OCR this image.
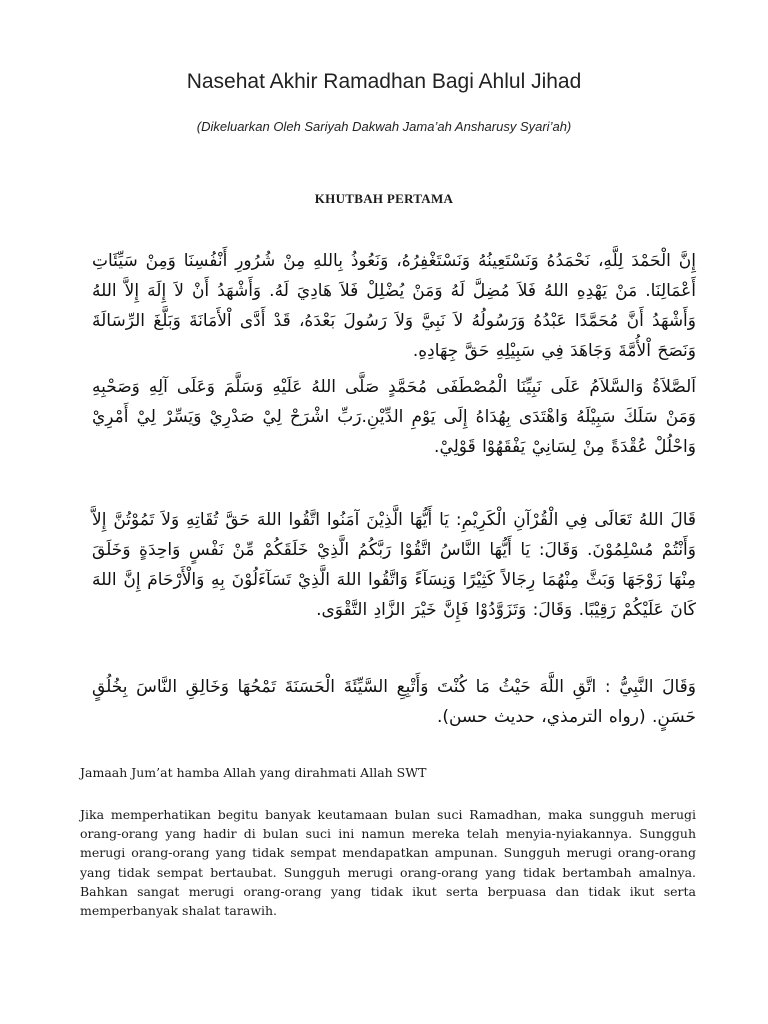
Nasehat Akhir Ramadhan Bagi Ahlul Jihad
(Dikeluarkan Oleh Sariyah Dakwah Jama’ah Ansharusy Syari’ah)
KHUTBAH PERTAMA
إِنَّ الْحَمْدَ لِلَّهِ، نَحْمَدُهُ وَنَسْتَعِينُهُ وَنَسْتَغْفِرُهُ، وَنَعُوذُ بِاللهِ مِنْ شُرُورِ أَنْفُسِنَا وَمِنْ سَيِّئَاتِ أَعْمَالِنَا. مَنْ يَهْدِهِ اللهُ فَلاَ مُضِلَّ لَهُ وَمَنْ يُضْلِلْ فَلاَ هَادِيَ لَهُ. وَأَشْهَدُ أَنْ لاَ إِلَهَ إِلاَّ اللهُ وَأَشْهَدُ أَنَّ مُحَمَّدًا عَبْدُهُ وَرَسُولُهُ لاَ نَبِيَّ وَلاَ رَسُولَ بَعْدَهُ، قَدْ أَدَّى اْلأَمَانَةَ وَبَلَّغَ الرِّسَالَةَ وَنَصَحَ اْلأُمَّةَ وَجَاهَدَ فِي سَبِيْلِهِ حَقَّ جِهَادِهِ.
اَلصَّلاَةُ وَالسَّلاَمُ عَلَى نَبِيِّنَا الْمُصْطَفَى مُحَمَّدٍ صَلَّى اللهُ عَلَيْهِ وَسَلَّمَ وَعَلَى آلِهِ وَصَحْبِهِ وَمَنْ سَلَكَ سَبِيْلَهُ وَاهْتَدَى بِهُدَاهُ إِلَى يَوْمِ الدِّيْنِ.رَبِّ اشْرَحْ لِيْ صَدْرِيْ وَيَسِّرْ لِيْ أَمْرِيْ وَاحْلُلْ عُقْدَةً مِنْ لِسَانِيْ يَفْقَهُوْا قَوْلِيْ.
قَالَ اللهُ تَعَالَى فِي الْقُرْآنِ الْكَرِيْمِ: يَا أَيُّهَا الَّذِيْنَ آمَنُوا اتَّقُوا اللهَ حَقَّ تُقَاتِهِ وَلاَ تَمُوْتُنَّ إِلاَّ وَأَنْتُمْ مُسْلِمُوْنَ. وَقَالَ: يَا أَيُّهَا النَّاسُ اتَّقُوْا رَبَّكُمُ الَّذِيْ خَلَقَكُمْ مِّنْ نَفْسٍ وَاحِدَةٍ وَخَلَقَ مِنْهَا زَوْجَهَا وَبَثَّ مِنْهُمَا رِجَالاً كَثِيْرًا وَنِسَآءً وَاتَّقُوا اللهَ الَّذِيْ تَسَآءَلُوْنَ بِهِ وَالْأَرْحَامَ إِنَّ اللهَ كَانَ عَلَيْكُمْ رَقِيْبًا. وَقَالَ: وَتَزَوَّدُوْا فَإِنَّ خَيْرَ الزَّادِ التَّقْوَى.
وَقَالَ النَّبِيُّ : اتَّقِ اللَّهَ حَيْثُ مَا كُنْتَ وَأَتْبِعِ السَّيِّئَةَ الْحَسَنَةَ تَمْحُهَا وَخَالِقِ النَّاسَ بِخُلُقٍ حَسَنٍ. (رواه الترمذي، حديث حسن).
Jamaah Jum’at hamba Allah yang dirahmati Allah SWT
Jika memperhatikan begitu banyak keutamaan bulan suci Ramadhan, maka sungguh merugi orang-orang yang hadir di bulan suci ini namun mereka telah menyia-nyiakannya. Sungguh merugi orang-orang yang tidak sempat mendapatkan ampunan. Sungguh merugi orang-orang yang tidak sempat bertaubat. Sungguh merugi orang-orang yang tidak bertambah amalnya. Bahkan sangat merugi orang-orang yang tidak ikut serta berpuasa dan tidak ikut serta memperbanyak shalat tarawih.
